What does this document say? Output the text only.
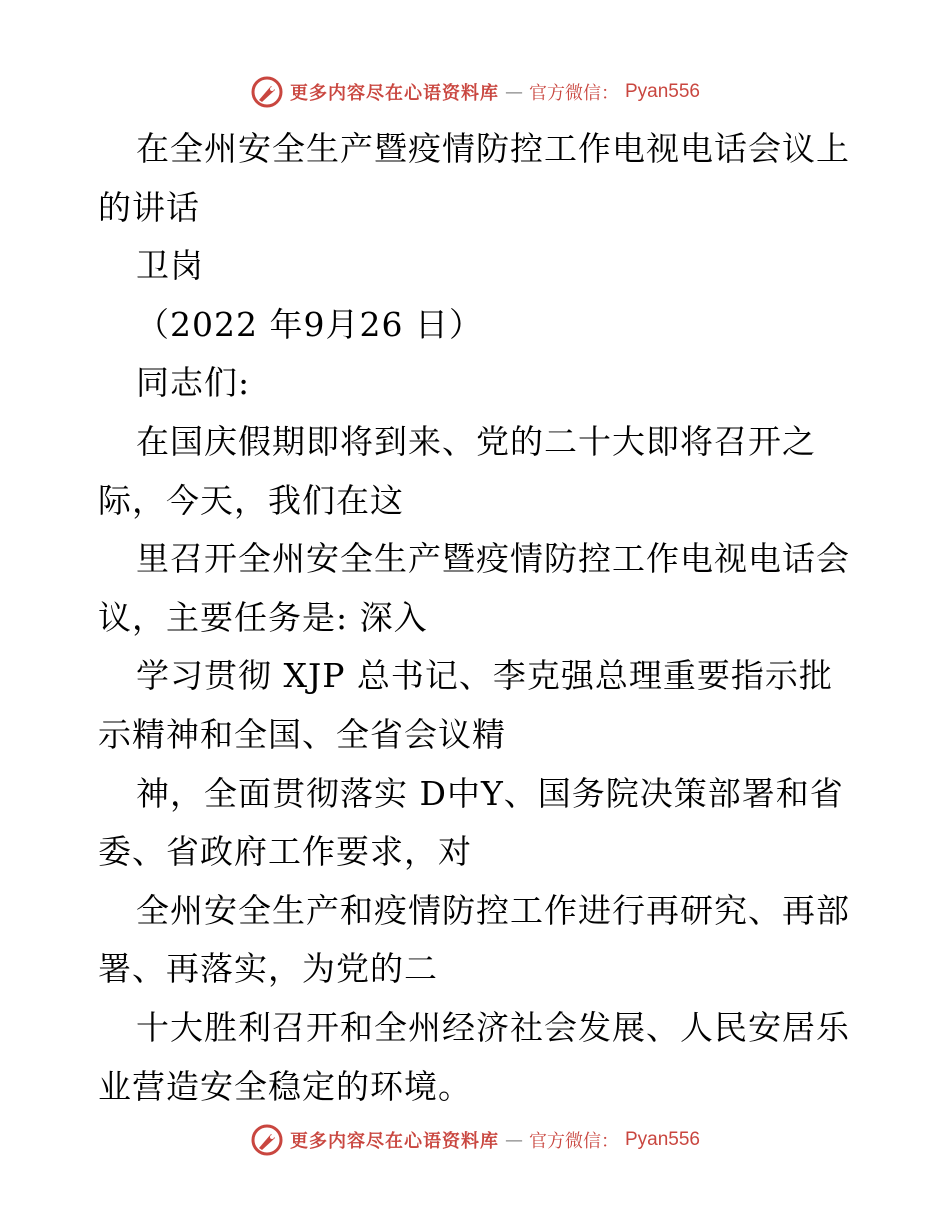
更多内容尽在心语资料库 — 官方微信： Pyan556
在全州安全生产暨疫情防控工作电视电话会议上
的讲话
卫岗
（2022 年9月26 日）
同志们:
在国庆假期即将到来、党的二十大即将召开之
际，今天，我们在这
里召开全州安全生产暨疫情防控工作电视电话会
议，主要任务是: 深入
学习贯彻 XJP 总书记、李克强总理重要指示批
示精神和全国、全省会议精
神，全面贯彻落实 D中Y、国务院决策部署和省
委、省政府工作要求，对
全州安全生产和疫情防控工作进行再研究、再部
署、再落实，为党的二
十大胜利召开和全州经济社会发展、人民安居乐
业营造安全稳定的环境。
更多内容尽在心语资料库 — 官方微信： Pyan556
